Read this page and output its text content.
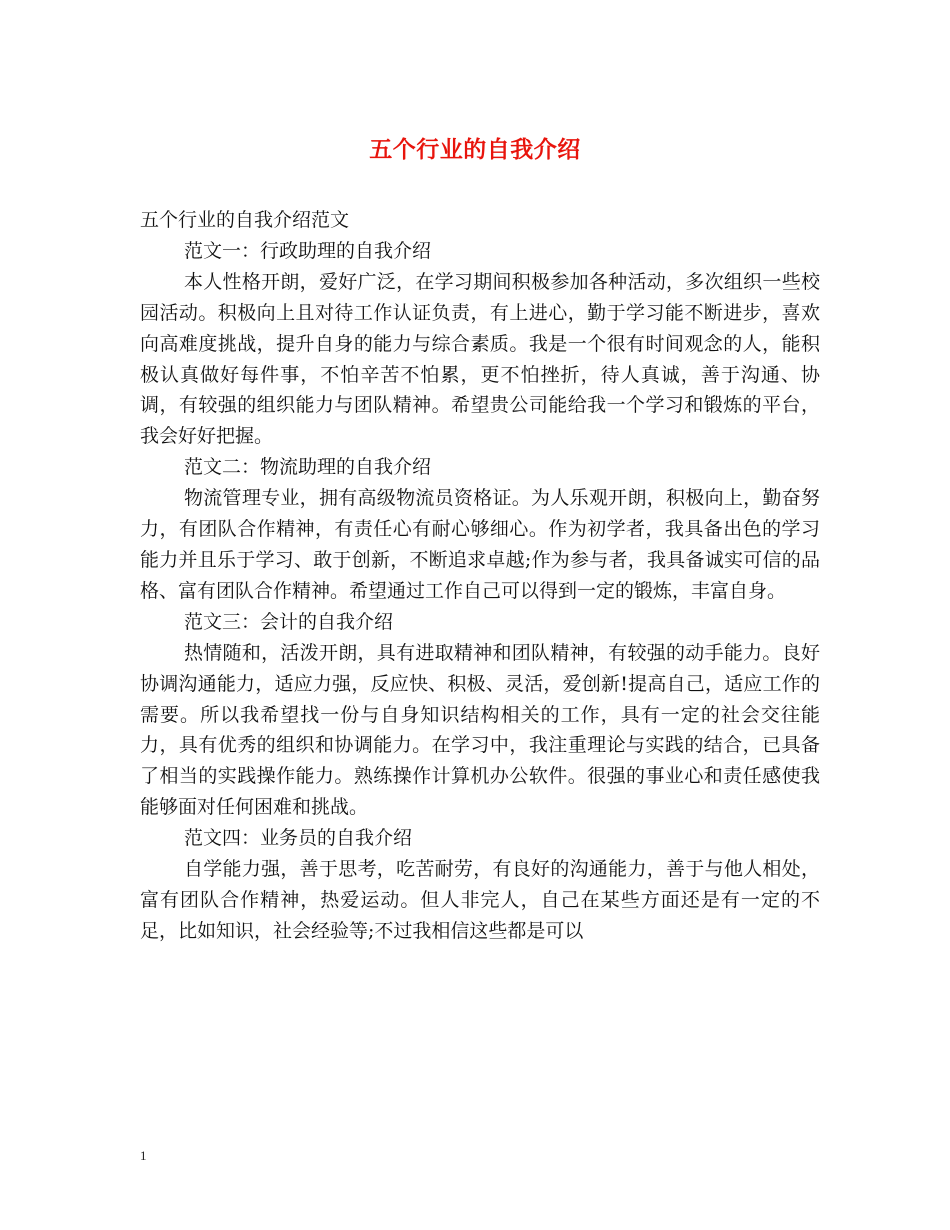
五个行业的自我介绍

五个行业的自我介绍范文

范文一：行政助理的自我介绍

本人性格开朗，爱好广泛，在学习期间积极参加各种活动，多次组织一些校园活动。积极向上且对待工作认证负责，有上进心，勤于学习能不断进步，喜欢向高难度挑战，提升自身的能力与综合素质。我是一个很有时间观念的人，能积极认真做好每件事，不怕辛苦不怕累，更不怕挫折，待人真诚，善于沟通、协调，有较强的组织能力与团队精神。希望贵公司能给我一个学习和锻炼的平台，我会好好把握。

范文二：物流助理的自我介绍

物流管理专业，拥有高级物流员资格证。为人乐观开朗，积极向上，勤奋努力，有团队合作精神，有责任心有耐心够细心。作为初学者，我具备出色的学习能力并且乐于学习、敢于创新，不断追求卓越;作为参与者，我具备诚实可信的品格、富有团队合作精神。希望通过工作自己可以得到一定的锻炼，丰富自身。

范文三：会计的自我介绍

热情随和，活泼开朗，具有进取精神和团队精神，有较强的动手能力。良好协调沟通能力，适应力强，反应快、积极、灵活，爱创新!提高自己，适应工作的需要。所以我希望找一份与自身知识结构相关的工作，具有一定的社会交往能力，具有优秀的组织和协调能力。在学习中，我注重理论与实践的结合，已具备了相当的实践操作能力。熟练操作计算机办公软件。很强的事业心和责任感使我能够面对任何困难和挑战。

范文四：业务员的自我介绍

自学能力强，善于思考，吃苦耐劳，有良好的沟通能力，善于与他人相处，富有团队合作精神，热爱运动。但人非完人，自己在某些方面还是有一定的不足，比如知识，社会经验等;不过我相信这些都是可以

1
